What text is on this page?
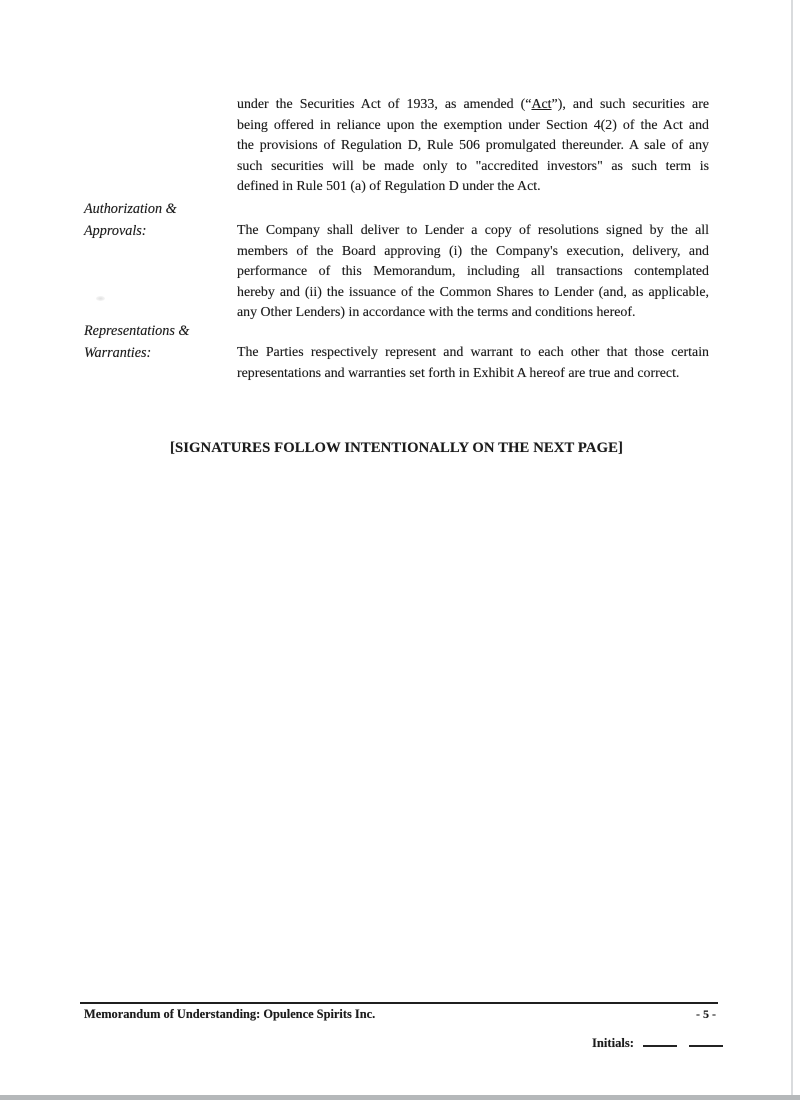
under the Securities Act of 1933, as amended (“Act”), and such securities are
being offered in reliance upon the exemption under Section 4(2) of the Act and
the provisions of Regulation D, Rule 506 promulgated thereunder. A sale of any
such securities will be made only to "accredited investors" as such term is
defined in Rule 501 (a) of Regulation D under the Act.
Authorization &
Approvals:	The Company shall deliver to Lender a copy of resolutions signed by the all
members of the Board approving (i) the Company's execution, delivery, and
performance of this Memorandum, including all transactions contemplated
hereby and (ii) the issuance of the Common Shares to Lender (and, as applicable,
any Other Lenders) in accordance with the terms and conditions hereof.
Representations &
Warranties:	The Parties respectively represent and warrant to each other that those certain
representations and warranties set forth in Exhibit A hereof are true and correct.
[SIGNATURES FOLLOW INTENTIONALLY ON THE NEXT PAGE]
Memorandum of Understanding: Opulence Spirits Inc.	- 5 -
Initials:
